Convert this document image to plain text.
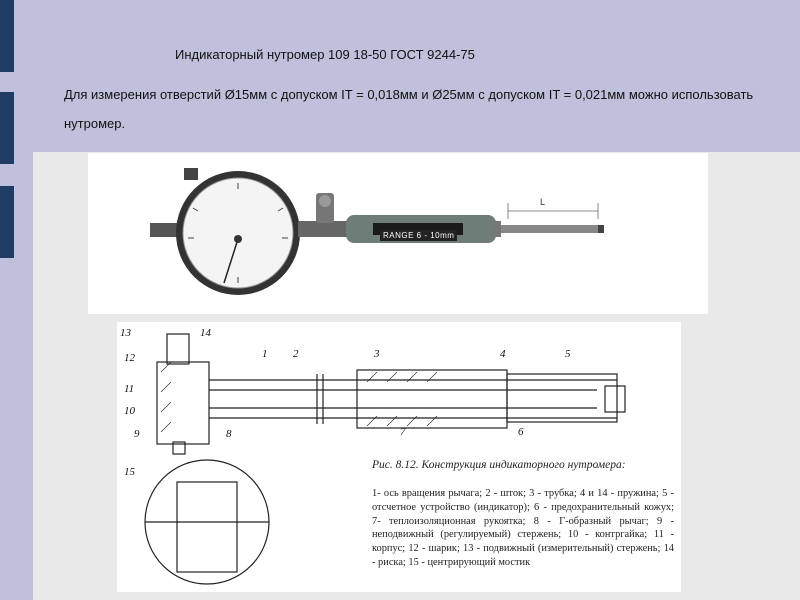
Индикаторный нутромер 109 18-50 ГОСТ 9244-75
Для измерения отверстий Ø15мм с допуском IT = 0,018мм и Ø25мм с допуском IT = 0,021мм можно использовать нутромер.
RANGE 6 - 10mm
L
13	14
12
11
10
9	8
1 2	3	4	5
6
7
15
Рис. 8.12. Конструкция индикаторного нутромера:
1- ось вращения рычага; 2 - шток; 3 - трубка; 4 и 14 - пружина; 5 - отсчетное устройство (индикатор); 6 - предохранительный кожух; 7- теплоизоляционная рукоятка; 8 - Г-образный рычаг; 9 - неподвижный (регулируемый) стержень; 10 - контргайка; 11 - корпус; 12 - шарик; 13 - подвижный (измерительный) стержень; 14 - риска; 15 - центрирующий мостик
